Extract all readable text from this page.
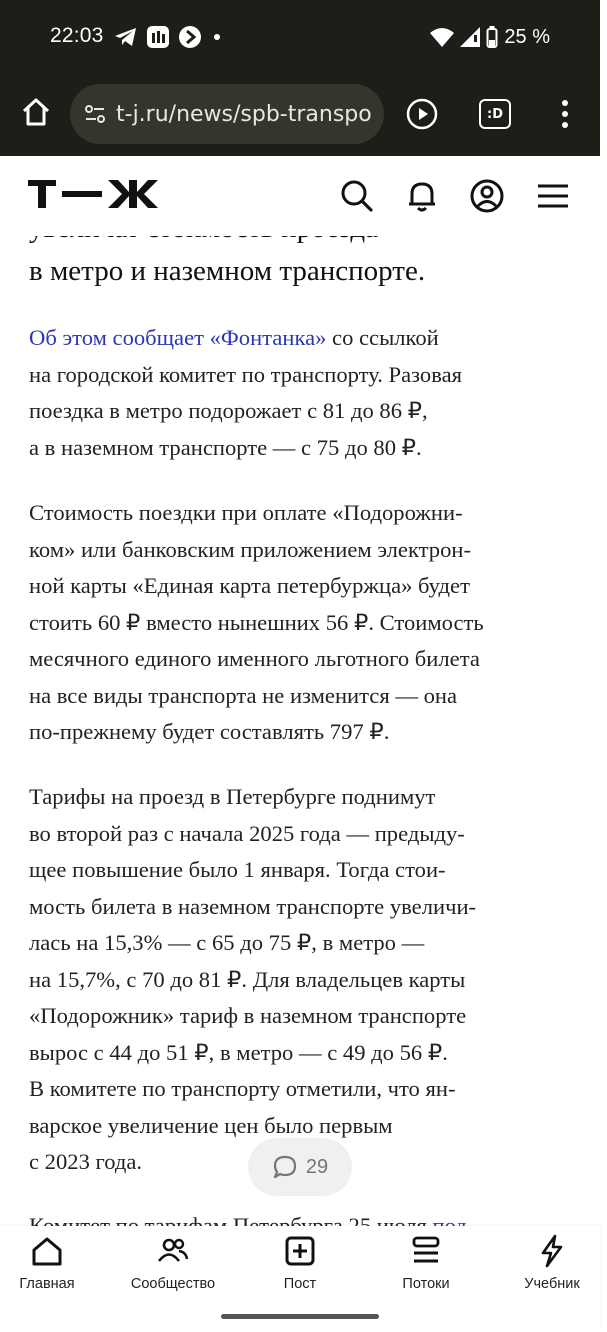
22:03	25 %
t-j.ru/news/spb-transpo	:D
в метро и наземном транспорте.
Об этом сообщает «Фонтанка» со ссылкой
на городской комитет по транспорту. Разовая
поездка в метро подорожает с 81 до 86 ₽,
а в наземном транспорте — с 75 до 80 ₽.
Стоимость поездки при оплате «Подорожни-
ком» или банковским приложением электрон-
ной карты «Единая карта петербуржца» будет
стоить 60 ₽ вместо нынешних 56 ₽. Стоимость
месячного единого именного льготного билета
на все виды транспорта не изменится — она
по-прежнему будет составлять 797 ₽.
Тарифы на проезд в Петербурге поднимут
во второй раз с начала 2025 года — предыду-
щее повышение было 1 января. Тогда стои-
мость билета в наземном транспорте увеличи-
лась на 15,3% — с 65 до 75 ₽, в метро —
на 15,7%, с 70 до 81 ₽. Для владельцев карты
«Подорожник» тариф в наземном транспорте
вырос с 44 до 51 ₽, в метро — с 49 до 56 ₽.
В комитете по транспорту отметили, что ян-
варское увеличение цен было первым
с 2023 года.	29
Главная	Сообщество	Пост	Потоки	Учебник
